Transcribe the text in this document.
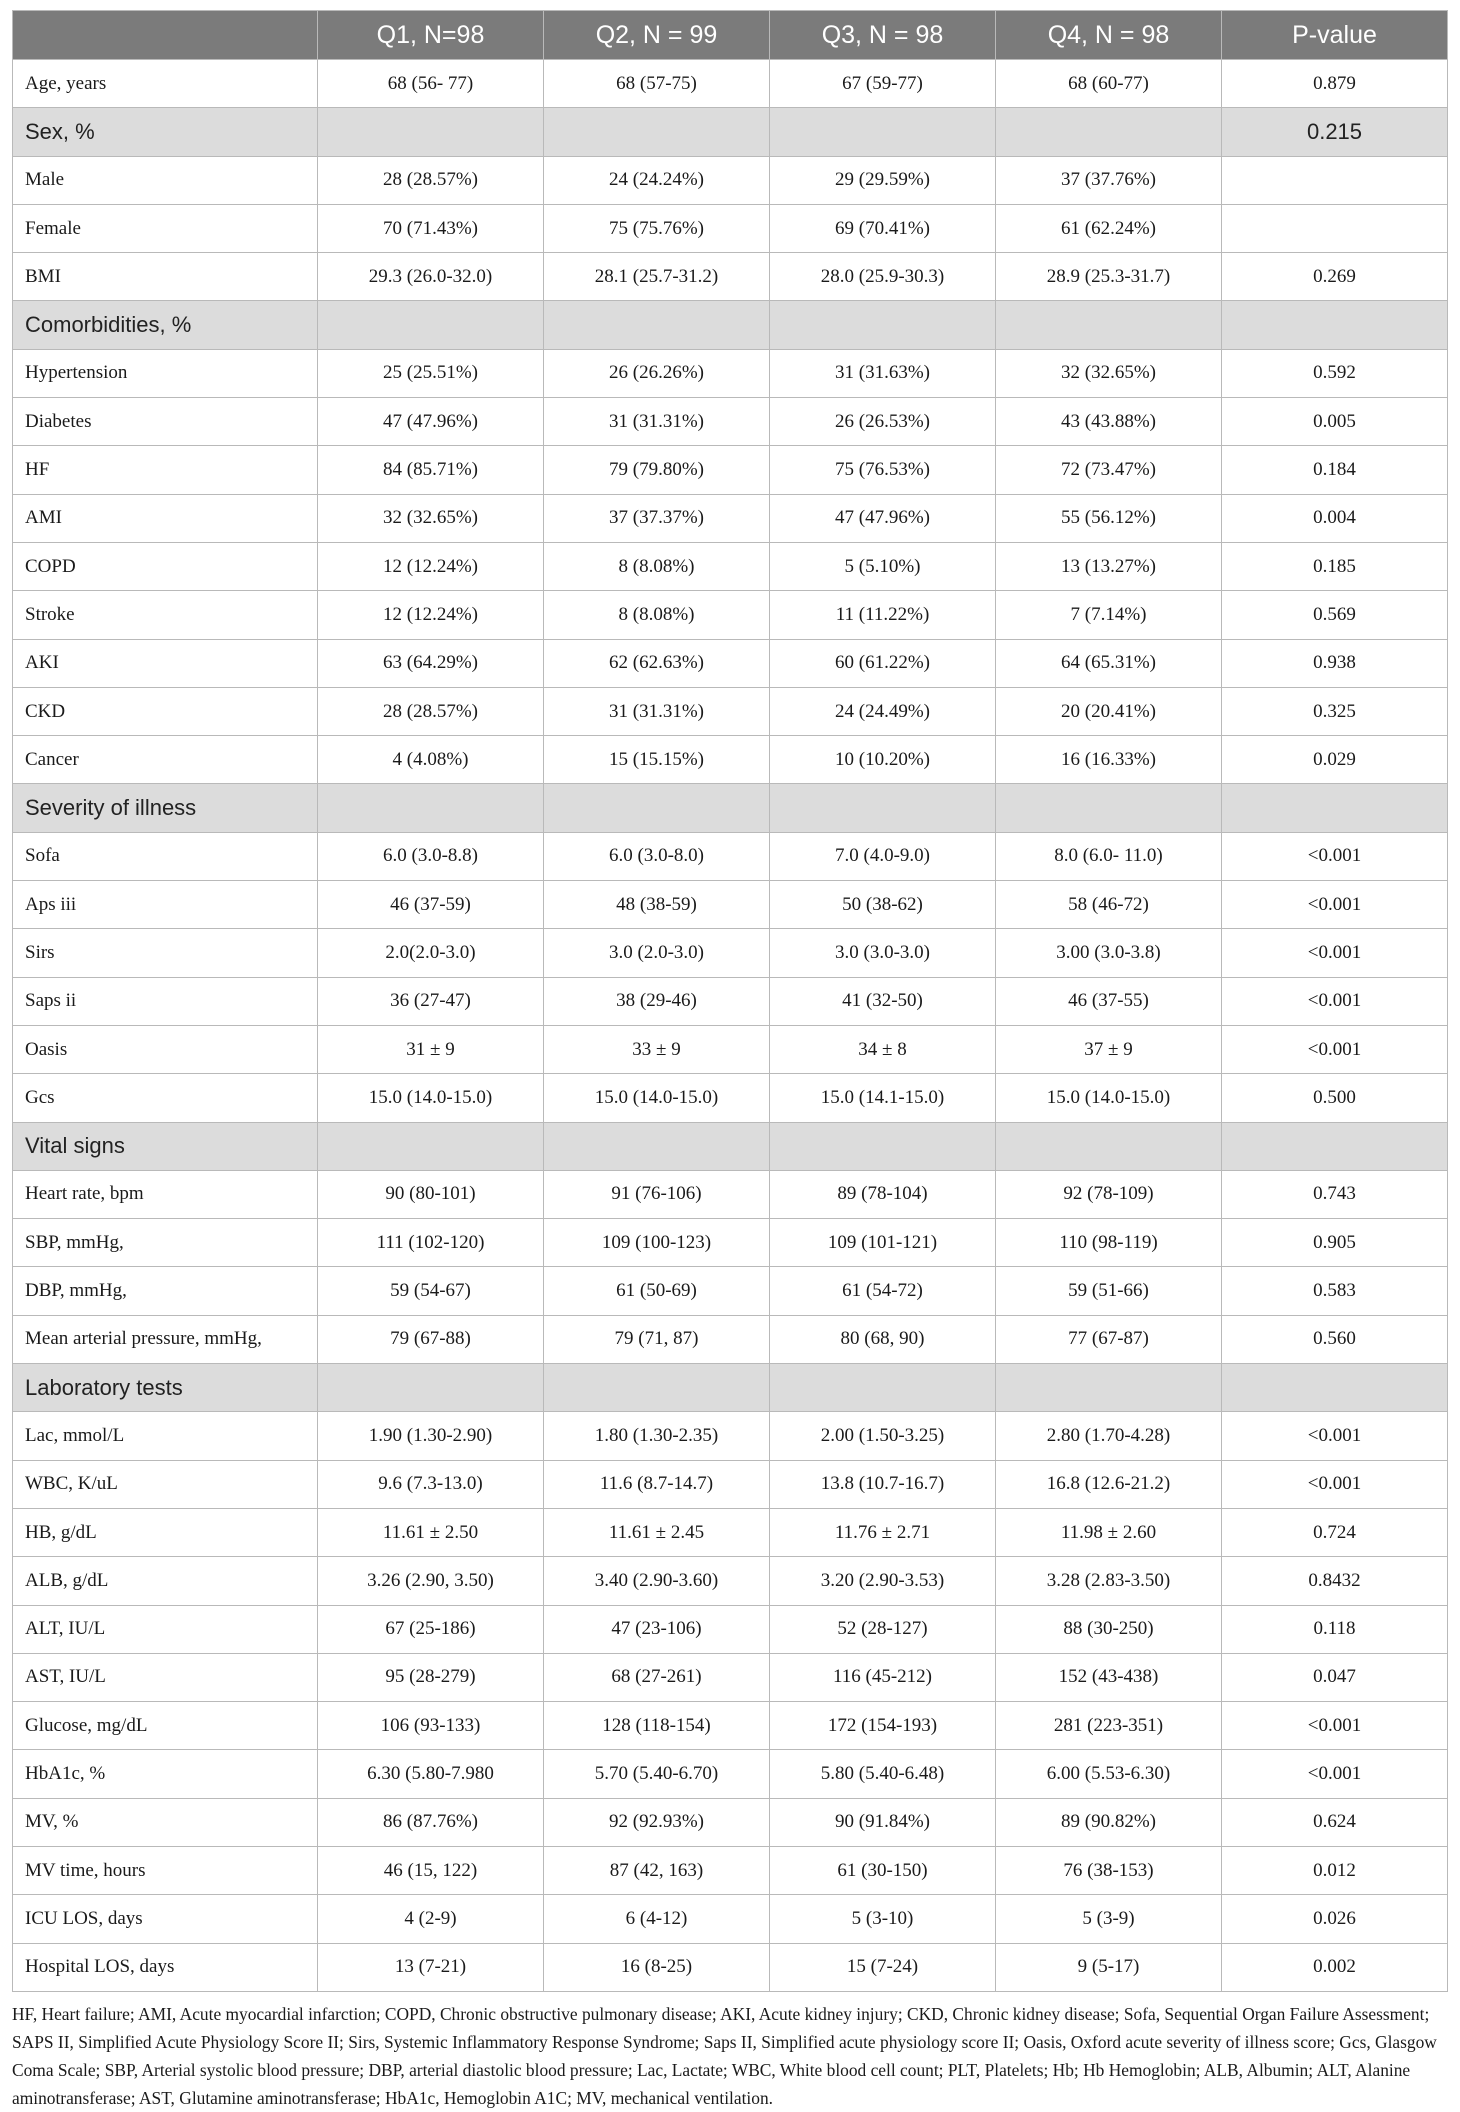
	Q1, N=98	Q2, N = 99	Q3, N = 98	Q4, N = 98	P-value
Age, years	68 (56- 77)	68 (57-75)	67 (59-77)	68 (60-77)	0.879
Sex, %					0.215
Male	28 (28.57%)	24 (24.24%)	29 (29.59%)	37 (37.76%)	
Female	70 (71.43%)	75 (75.76%)	69 (70.41%)	61 (62.24%)	
BMI	29.3 (26.0-32.0)	28.1 (25.7-31.2)	28.0 (25.9-30.3)	28.9 (25.3-31.7)	0.269
Comorbidities, %					
Hypertension	25 (25.51%)	26 (26.26%)	31 (31.63%)	32 (32.65%)	0.592
Diabetes	47 (47.96%)	31 (31.31%)	26 (26.53%)	43 (43.88%)	0.005
HF	84 (85.71%)	79 (79.80%)	75 (76.53%)	72 (73.47%)	0.184
AMI	32 (32.65%)	37 (37.37%)	47 (47.96%)	55 (56.12%)	0.004
COPD	12 (12.24%)	8 (8.08%)	5 (5.10%)	13 (13.27%)	0.185
Stroke	12 (12.24%)	8 (8.08%)	11 (11.22%)	7 (7.14%)	0.569
AKI	63 (64.29%)	62 (62.63%)	60 (61.22%)	64 (65.31%)	0.938
CKD	28 (28.57%)	31 (31.31%)	24 (24.49%)	20 (20.41%)	0.325
Cancer	4 (4.08%)	15 (15.15%)	10 (10.20%)	16 (16.33%)	0.029
Severity of illness					
Sofa	6.0 (3.0-8.8)	6.0 (3.0-8.0)	7.0 (4.0-9.0)	8.0 (6.0- 11.0)	<0.001
Aps iii	46 (37-59)	48 (38-59)	50 (38-62)	58 (46-72)	<0.001
Sirs	2.0(2.0-3.0)	3.0 (2.0-3.0)	3.0 (3.0-3.0)	3.00 (3.0-3.8)	<0.001
Saps ii	36 (27-47)	38 (29-46)	41 (32-50)	46 (37-55)	<0.001
Oasis	31 ± 9	33 ± 9	34 ± 8	37 ± 9	<0.001
Gcs	15.0 (14.0-15.0)	15.0 (14.0-15.0)	15.0 (14.1-15.0)	15.0 (14.0-15.0)	0.500
Vital signs					
Heart rate, bpm	90 (80-101)	91 (76-106)	89 (78-104)	92 (78-109)	0.743
SBP, mmHg,	111 (102-120)	109 (100-123)	109 (101-121)	110 (98-119)	0.905
DBP, mmHg,	59 (54-67)	61 (50-69)	61 (54-72)	59 (51-66)	0.583
Mean arterial pressure, mmHg,	79 (67-88)	79 (71, 87)	80 (68, 90)	77 (67-87)	0.560
Laboratory tests					
Lac, mmol/L	1.90 (1.30-2.90)	1.80 (1.30-2.35)	2.00 (1.50-3.25)	2.80 (1.70-4.28)	<0.001
WBC, K/uL	9.6 (7.3-13.0)	11.6 (8.7-14.7)	13.8 (10.7-16.7)	16.8 (12.6-21.2)	<0.001
HB, g/dL	11.61 ± 2.50	11.61 ± 2.45	11.76 ± 2.71	11.98 ± 2.60	0.724
ALB, g/dL	3.26 (2.90, 3.50)	3.40 (2.90-3.60)	3.20 (2.90-3.53)	3.28 (2.83-3.50)	0.8432
ALT, IU/L	67 (25-186)	47 (23-106)	52 (28-127)	88 (30-250)	0.118
AST, IU/L	95 (28-279)	68 (27-261)	116 (45-212)	152 (43-438)	0.047
Glucose, mg/dL	106 (93-133)	128 (118-154)	172 (154-193)	281 (223-351)	<0.001
HbA1c, %	6.30 (5.80-7.980	5.70 (5.40-6.70)	5.80 (5.40-6.48)	6.00 (5.53-6.30)	<0.001
MV, %	86 (87.76%)	92 (92.93%)	90 (91.84%)	89 (90.82%)	0.624
MV time, hours	46 (15, 122)	87 (42, 163)	61 (30-150)	76 (38-153)	0.012
ICU LOS, days	4 (2-9)	6 (4-12)	5 (3-10)	5 (3-9)	0.026
Hospital LOS, days	13 (7-21)	16 (8-25)	15 (7-24)	9 (5-17)	0.002
HF, Heart failure; AMI, Acute myocardial infarction; COPD, Chronic obstructive pulmonary disease; AKI, Acute kidney injury; CKD, Chronic kidney disease; Sofa, Sequential Organ Failure Assessment; SAPS II, Simplified Acute Physiology Score II; Sirs, Systemic Inflammatory Response Syndrome; Saps II, Simplified acute physiology score II; Oasis, Oxford acute severity of illness score; Gcs, Glasgow Coma Scale; SBP, Arterial systolic blood pressure; DBP, arterial diastolic blood pressure; Lac, Lactate; WBC, White blood cell count; PLT, Platelets; Hb; Hb Hemoglobin; ALB, Albumin; ALT, Alanine aminotransferase; AST, Glutamine aminotransferase; HbA1c, Hemoglobin A1C; MV, mechanical ventilation.
